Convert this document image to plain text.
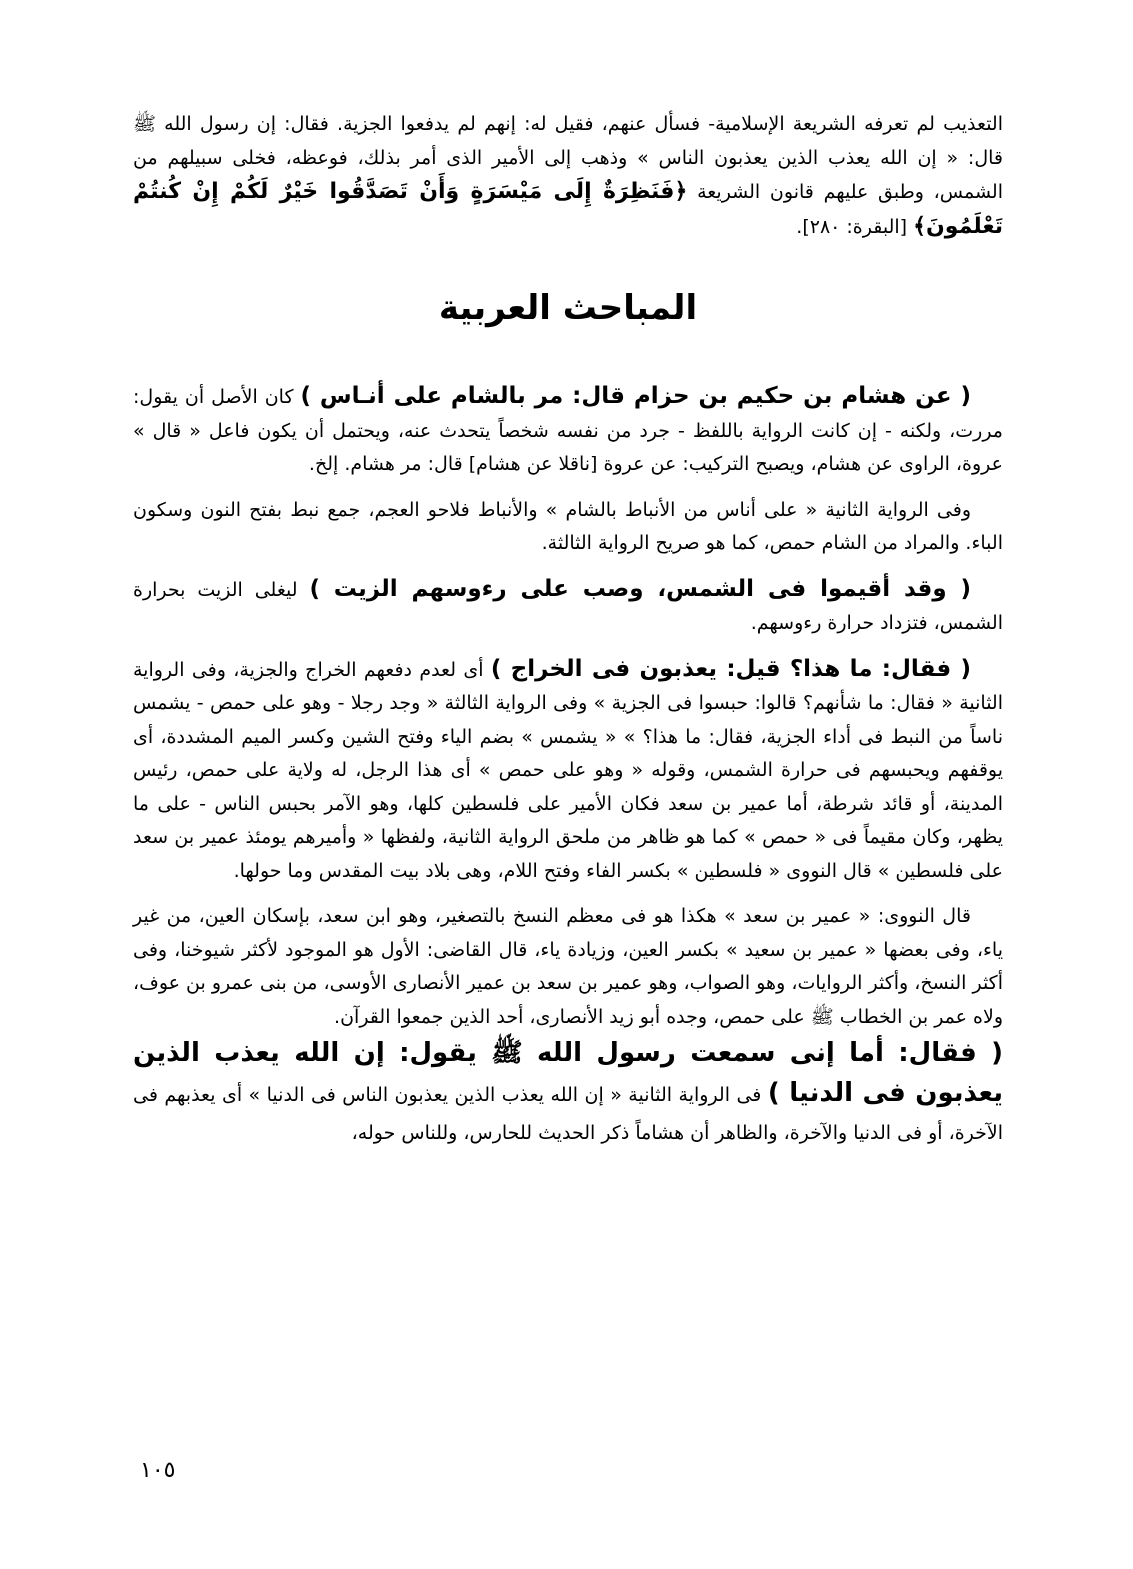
التعذيب لم تعرفه الشريعة الإسلامية- فسأل عنهم، فقيل له: إنهم لم يدفعوا الجزية. فقال: إن رسول الله ﷺ قال: « إن الله يعذب الذين يعذبون الناس » وذهب إلى الأمير الذى أمر بذلك، فوعظه، فخلى سبيلهم من الشمس، وطبق عليهم قانون الشريعة ﴿فَنَظِرَةٌ إِلَى مَيْسَرَةٍ وَأَنْ تَصَدَّقُوا خَيْرٌ لَكُمْ إِنْ كُنتُمْ تَعْلَمُونَ﴾ [البقرة: ٢٨٠].

المباحث العربية

( عن هشام بن حكيم بن حزام قال: مر بالشام على أنـاس ) كان الأصل أن يقول: مررت، ولكنه - إن كانت الرواية باللفظ - جرد من نفسه شخصاً يتحدث عنه، ويحتمل أن يكون فاعل « قال » عروة، الراوى عن هشام، ويصبح التركيب: عن عروة [ناقلا عن هشام] قال: مر هشام. إلخ.

وفى الرواية الثانية « على أناس من الأنباط بالشام » والأنباط فلاحو العجم، جمع نبط بفتح النون وسكون الباء. والمراد من الشام حمص، كما هو صريح الرواية الثالثة.

( وقد أقيموا فى الشمس، وصب على رءوسهم الزيت ) ليغلى الزيت بحرارة الشمس، فتزداد حرارة رءوسهم.

( فقال: ما هذا؟ قيل: يعذبون فى الخراج ) أى لعدم دفعهم الخراج والجزية، وفى الرواية الثانية « فقال: ما شأنهم؟ قالوا: حبسوا فى الجزية » وفى الرواية الثالثة « وجد رجلا - وهو على حمص - يشمس ناساً من النبط فى أداء الجزية، فقال: ما هذا؟ » « يشمس » بضم الياء وفتح الشين وكسر الميم المشددة، أى يوقفهم ويحبسهم فى حرارة الشمس، وقوله « وهو على حمص » أى هذا الرجل، له ولاية على حمص، رئيس المدينة، أو قائد شرطة، أما عمير بن سعد فكان الأمير على فلسطين كلها، وهو الآمر بحبس الناس - على ما يظهر، وكان مقيماً فى « حمص » كما هو ظاهر من ملحق الرواية الثانية، ولفظها « وأميرهم يومئذ عمير بن سعد على فلسطين » قال النووى « فلسطين » بكسر الفاء وفتح اللام، وهى بلاد بيت المقدس وما حولها.

قال النووى: « عمير بن سعد » هكذا هو فى معظم النسخ بالتصغير، وهو ابن سعد، بإسكان العين، من غير ياء، وفى بعضها « عمير بن سعيد » بكسر العين، وزيادة ياء، قال القاضى: الأول هو الموجود لأكثر شيوخنا، وفى أكثر النسخ، وأكثر الروايات، وهو الصواب، وهو عمير بن سعد بن عمير الأنصارى الأوسى، من بنى عمرو بن عوف، ولاه عمر بن الخطاب ﷺ على حمص، وجده أبو زيد الأنصارى، أحد الذين جمعوا القرآن.

( فقال: أما إنى سمعت رسول الله ﷺ يقول: إن الله يعذب الذين يعذبون فى الدنيا ) فى الرواية الثانية « إن الله يعذب الذين يعذبون الناس فى الدنيا » أى يعذبهم فى الآخرة، أو فى الدنيا والآخرة، والظاهر أن هشاماً ذكر الحديث للحارس، وللناس حوله،

١٠٥
